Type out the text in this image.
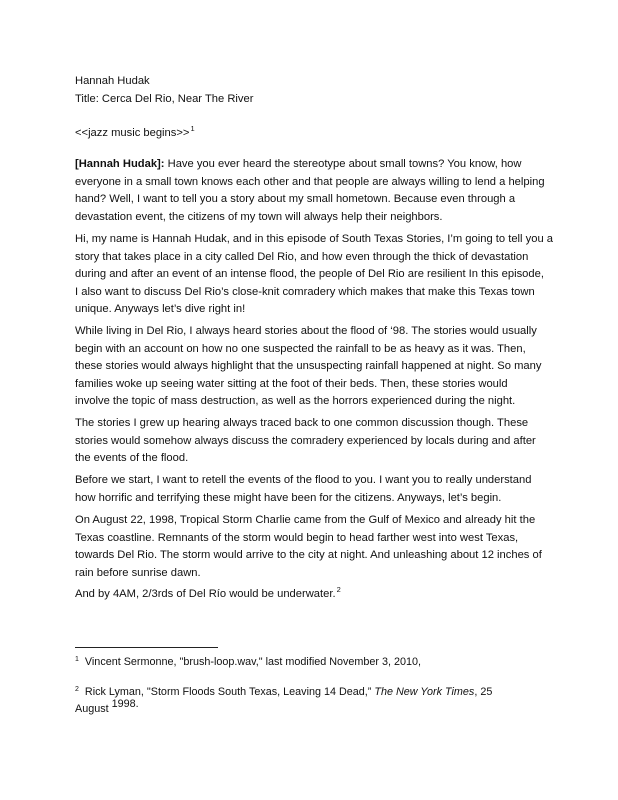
Hannah Hudak
Title: Cerca Del Rio, Near The River
<<jazz music begins>>$^1$
[Hannah Hudak]: Have you ever heard the stereotype about small towns? You know, how
everyone in a small town knows each other and that people are always willing to lend a helping
hand? Well, I want to tell you a story about my small hometown. Because even through a
devastation event, the citizens of my town will always help their neighbors.
Hi, my name is Hannah Hudak, and in this episode of South Texas Stories, I’m going to tell you a
story that takes place in a city called Del Rio, and how even through the thick of devastation
during and after an event of an intense flood, the people of Del Rio are resilient In this episode,
I also want to discuss Del Rio’s close-knit comradery which makes that make this Texas town
unique. Anyways let’s dive right in!
While living in Del Rio, I always heard stories about the flood of ‘98. The stories would usually
begin with an account on how no one suspected the rainfall to be as heavy as it was. Then,
these stories would always highlight that the unsuspecting rainfall happened at night. So many
families woke up seeing water sitting at the foot of their beds. Then, these stories would
involve the topic of mass destruction, as well as the horrors experienced during the night.
The stories I grew up hearing always traced back to one common discussion though. These
stories would somehow always discuss the comradery experienced by locals during and after
the events of the flood.
Before we start, I want to retell the events of the flood to you. I want you to really understand
how horrific and terrifying these might have been for the citizens. Anyways, let’s begin.
On August 22, 1998, Tropical Storm Charlie came from the Gulf of Mexico and already hit the
Texas coastline. Remnants of the storm would begin to head farther west into west Texas,
towards Del Rio. The storm would arrive to the city at night. And unleashing about 12 inches of
rain before sunrise dawn.
And by 4AM, 2/3rds of Del Río would be underwater.$^2$
$^1$ Vincent Sermonne, "brush-loop.wav," last modified November 3, 2010,
$^2$ Rick Lyman, "Storm Floods South Texas, Leaving 14 Dead,” The New York Times, 25
August 1998.
